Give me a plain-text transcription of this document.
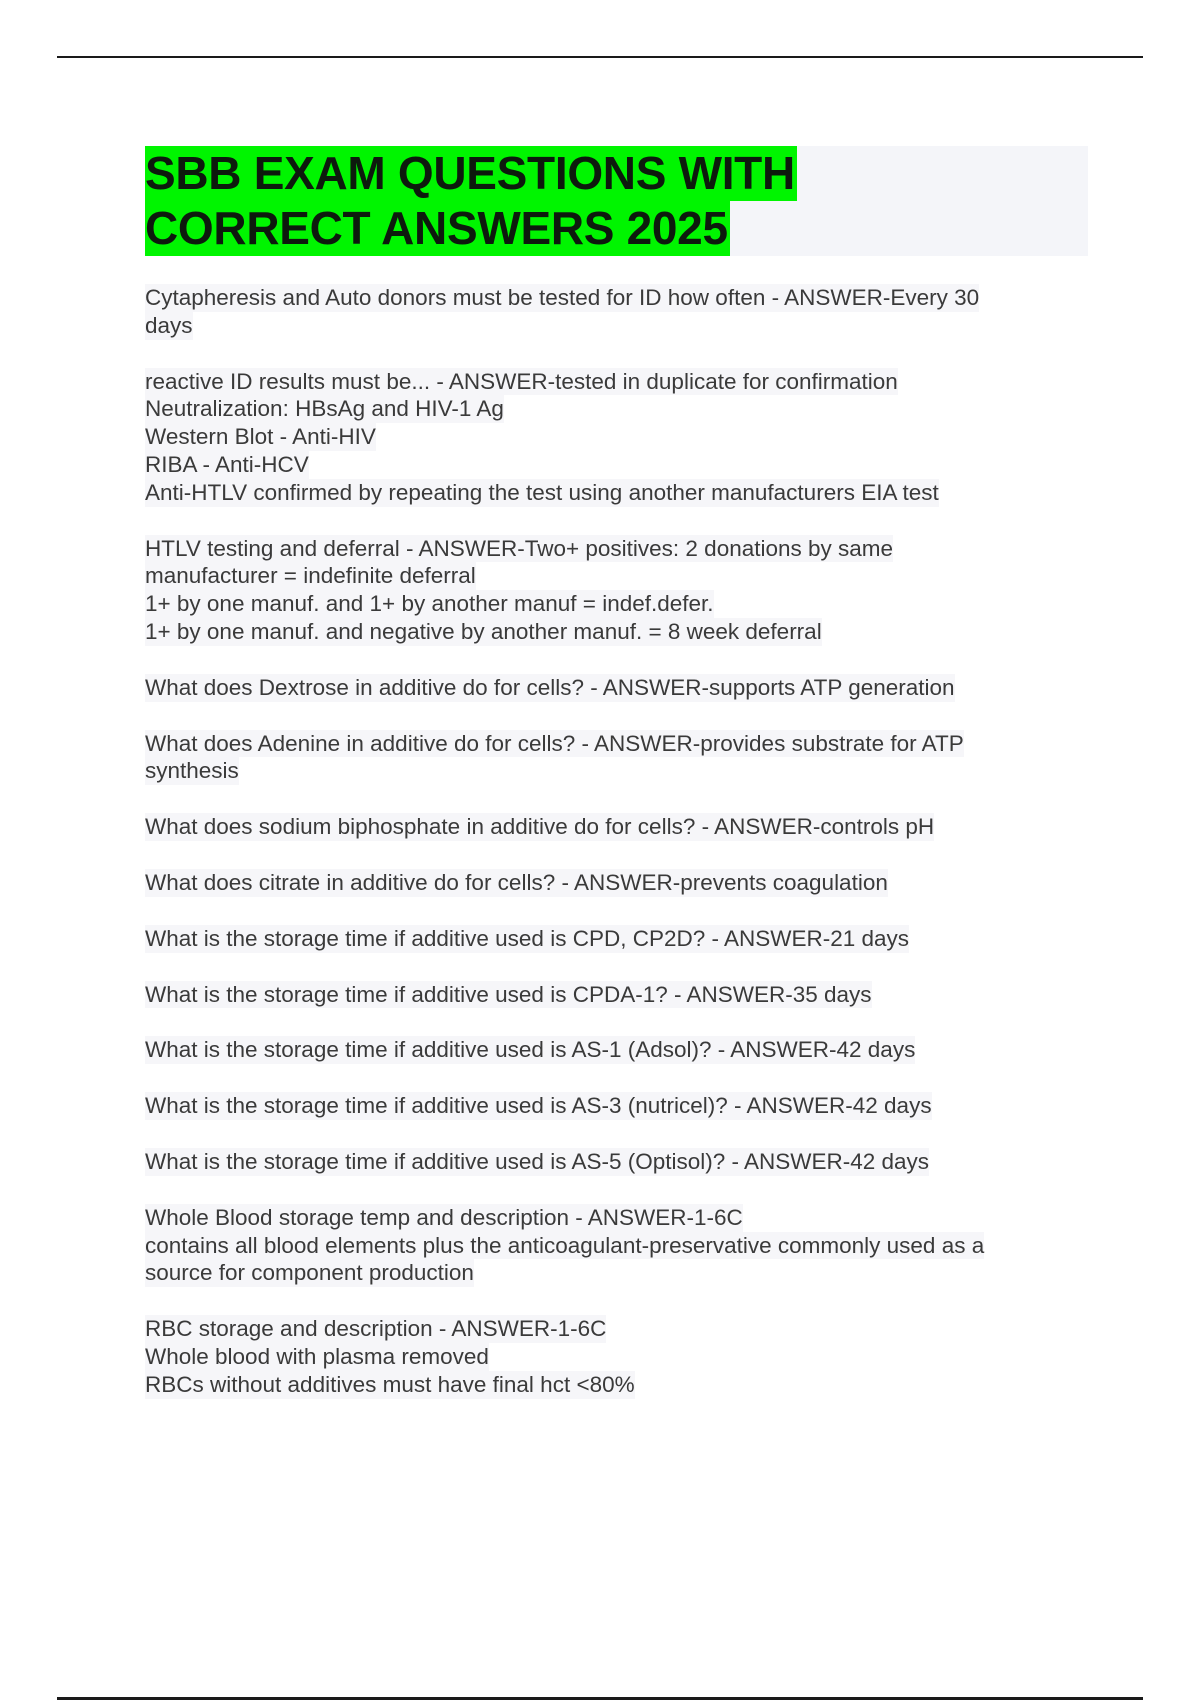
SBB EXAM QUESTIONS WITH
CORRECT ANSWERS 2025
Cytapheresis and Auto donors must be tested for ID how often - ANSWER-Every 30
days
reactive ID results must be... - ANSWER-tested in duplicate for confirmation
Neutralization: HBsAg and HIV-1 Ag
Western Blot - Anti-HIV
RIBA - Anti-HCV
Anti-HTLV confirmed by repeating the test using another manufacturers EIA test
HTLV testing and deferral - ANSWER-Two+ positives: 2 donations by same
manufacturer = indefinite deferral
1+ by one manuf. and 1+ by another manuf = indef.defer.
1+ by one manuf. and negative by another manuf. = 8 week deferral
What does Dextrose in additive do for cells? - ANSWER-supports ATP generation
What does Adenine in additive do for cells? - ANSWER-provides substrate for ATP
synthesis
What does sodium biphosphate in additive do for cells? - ANSWER-controls pH
What does citrate in additive do for cells? - ANSWER-prevents coagulation
What is the storage time if additive used is CPD, CP2D? - ANSWER-21 days
What is the storage time if additive used is CPDA-1? - ANSWER-35 days
What is the storage time if additive used is AS-1 (Adsol)? - ANSWER-42 days
What is the storage time if additive used is AS-3 (nutricel)? - ANSWER-42 days
What is the storage time if additive used is AS-5 (Optisol)? - ANSWER-42 days
Whole Blood storage temp and description - ANSWER-1-6C
contains all blood elements plus the anticoagulant-preservative commonly used as a
source for component production
RBC storage and description - ANSWER-1-6C
Whole blood with plasma removed
RBCs without additives must have final hct <80%
